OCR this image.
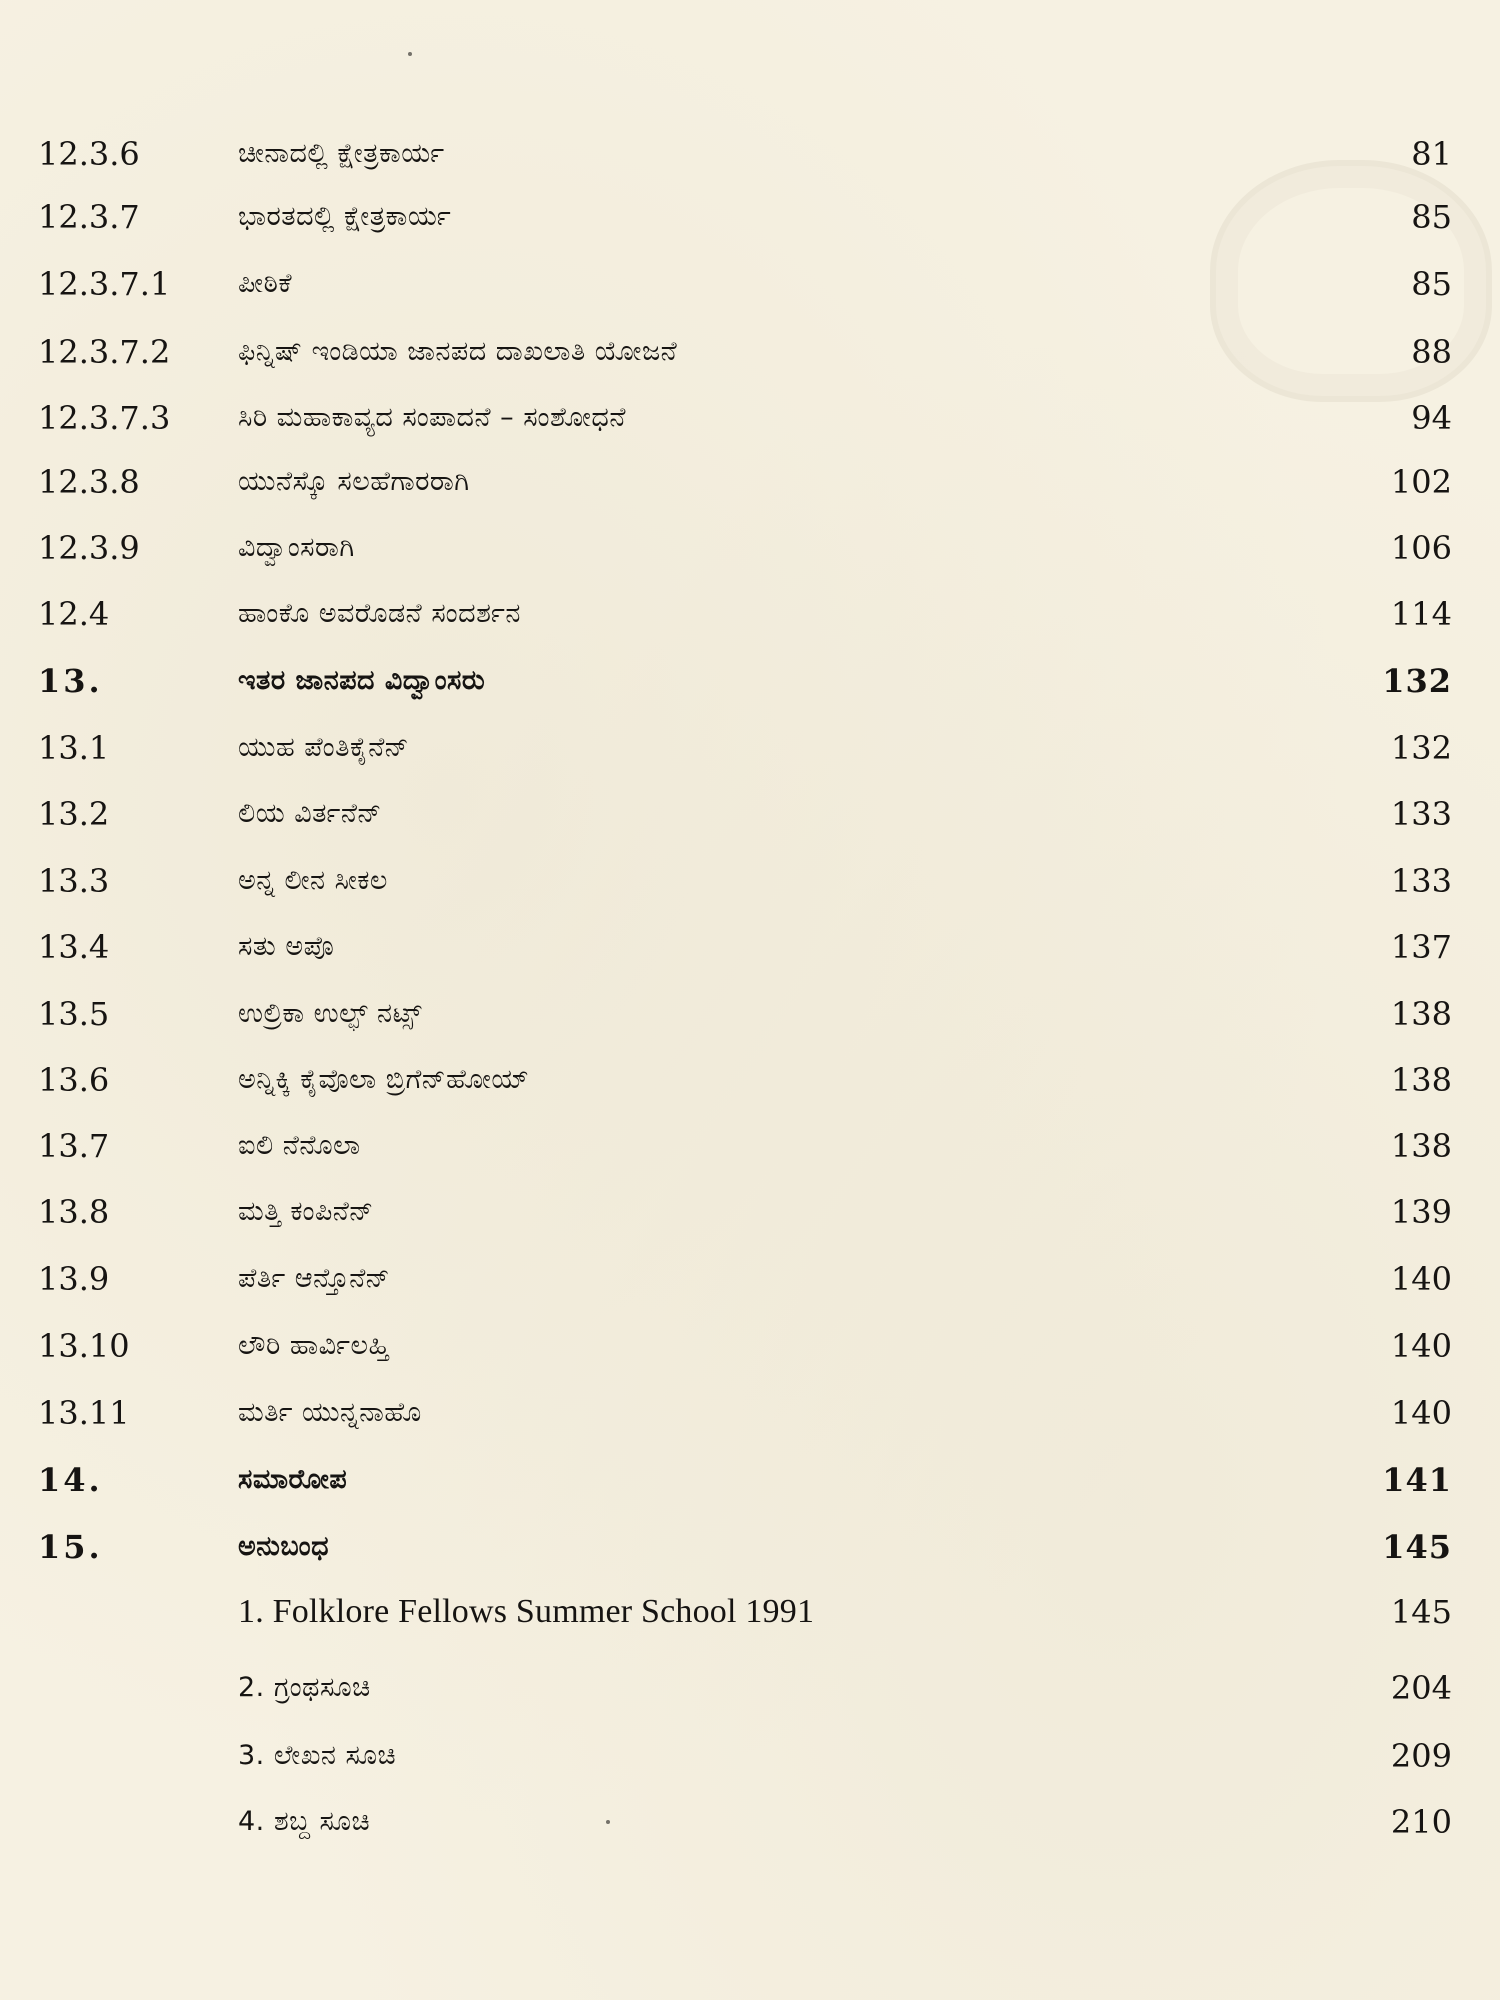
12.3.6	ಚೀನಾದಲ್ಲಿ ಕ್ಷೇತ್ರಕಾರ್ಯ	81
12.3.7	ಭಾರತದಲ್ಲಿ ಕ್ಷೇತ್ರಕಾರ್ಯ	85
12.3.7.1	ಪೀಠಿಕೆ	85
12.3.7.2	ಫಿನ್ನಿಷ್ ಇಂಡಿಯಾ ಜಾನಪದ ದಾಖಲಾತಿ ಯೋಜನೆ	88
12.3.7.3	ಸಿರಿ ಮಹಾಕಾವ್ಯದ ಸಂಪಾದನೆ – ಸಂಶೋಧನೆ	94
12.3.8	ಯುನೆಸ್ಕೊ ಸಲಹೆಗಾರರಾಗಿ	102
12.3.9	ವಿದ್ವಾಂಸರಾಗಿ	106
12.4	ಹಾಂಕೊ ಅವರೊಡನೆ ಸಂದರ್ಶನ	114
13.	ಇತರ ಜಾನಪದ ವಿದ್ವಾಂಸರು	132
13.1	ಯುಹ ಪೆಂತಿಕೈನೆನ್	132
13.2	ಲಿಯ ವಿರ್ತನೆನ್	133
13.3	ಅನ್ನ ಲೀನ ಸೀಕಲ	133
13.4	ಸತು ಅಪೊ	137
13.5	ಉಲ್ರಿಕಾ ಉಲ್ಫ್ ನಟ್ಸ್	138
13.6	ಅನ್ನಿಕ್ಕಿ ಕೈವೊಲಾ ಬ್ರಿಗೆನ್‌ಹೋಯ್	138
13.7	ಐಲಿ ನೆನೊಲಾ	138
13.8	ಮತ್ತಿ ಕಂಪಿನೆನ್	139
13.9	ಪೆರ್ತಿ ಆನ್ತೊನೆನ್	140
13.10	ಲೌರಿ ಹಾರ್ವಿಲಹ್ತಿ	140
13.11	ಮರ್ತಿ ಯುನ್ನನಾಹೊ	140
14.	ಸಮಾರೋಪ	141
15.	ಅನುಬಂಧ	145
1. Folklore Fellows Summer School 1991	145
2. ಗ್ರಂಥಸೂಚಿ	204
3. ಲೇಖನ ಸೂಚಿ	209
4. ಶಬ್ದ ಸೂಚಿ	210
